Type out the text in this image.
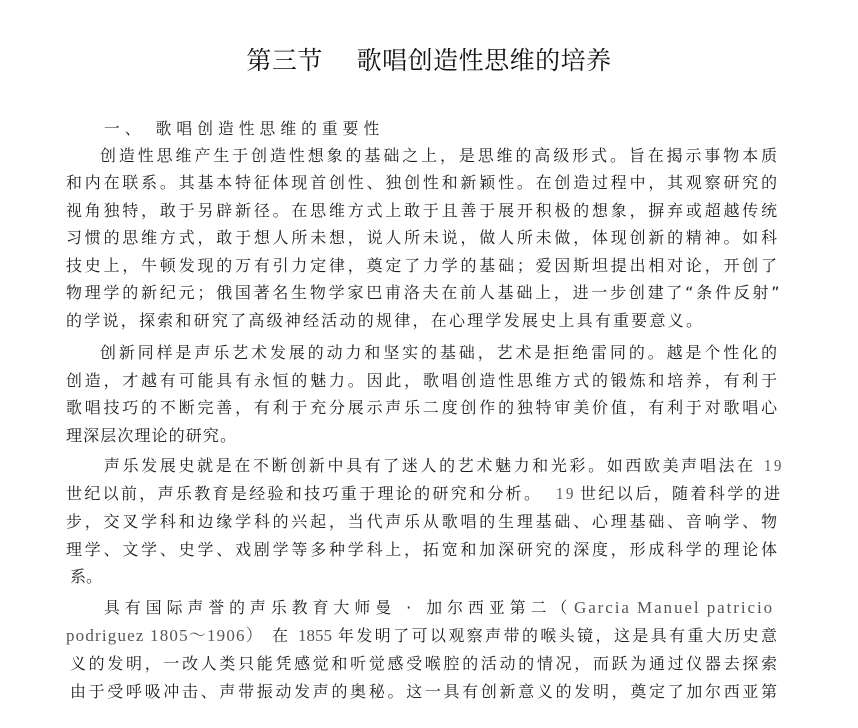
第三节    歌唱创造性思维的培养
一、 歌唱创造性思维的重要性
创造性思维产生于创造性想象的基础之上，是思维的高级形式。旨在揭示事物本质
和内在联系。其基本特征体现首创性、独创性和新颖性。在创造过程中，其观察研究的
视角独特，敢于另辟新径。在思维方式上敢于且善于展开积极的想象，摒弃或超越传统
习惯的思维方式，敢于想人所未想，说人所未说，做人所未做，体现创新的精神。如科
技史上，牛顿发现的万有引力定律，奠定了力学的基础；爱因斯坦提出相对论，开创了
物理学的新纪元；俄国著名生物学家巴甫洛夫在前人基础上，进一步创建了“条件反射”
的学说，探索和研究了高级神经活动的规律，在心理学发展史上具有重要意义。
创新同样是声乐艺术发展的动力和坚实的基础，艺术是拒绝雷同的。越是个性化的
创造，才越有可能具有永恒的魅力。因此，歌唱创造性思维方式的锻炼和培养，有利于
歌唱技巧的不断完善，有利于充分展示声乐二度创作的独特审美价值，有利于对歌唱心
理深层次理论的研究。
声乐发展史就是在不断创新中具有了迷人的艺术魅力和光彩。如西欧美声唱法在 19
世纪以前，声乐教育是经验和技巧重于理论的研究和分析。 19 世纪以后，随着科学的进
步，交叉学科和边缘学科的兴起，当代声乐从歌唱的生理基础、心理基础、音响学、物
理学、文学、史学、戏剧学等多种学科上，拓宽和加深研究的深度，形成科学的理论体
系。
具有国际声誉的声乐教育大师曼 · 加尔西亚第二（ Garcia Manuel patricio
podriguez 1805～1906） 在 1855 年发明了可以观察声带的喉头镜，这是具有重大历史意
义的发明，一改人类只能凭感觉和听觉感受喉腔的活动的情况，而跃为通过仪器去探索
由于受呼吸冲击、声带振动发声的奥秘。这一具有创新意义的发明，奠定了加尔西亚第
